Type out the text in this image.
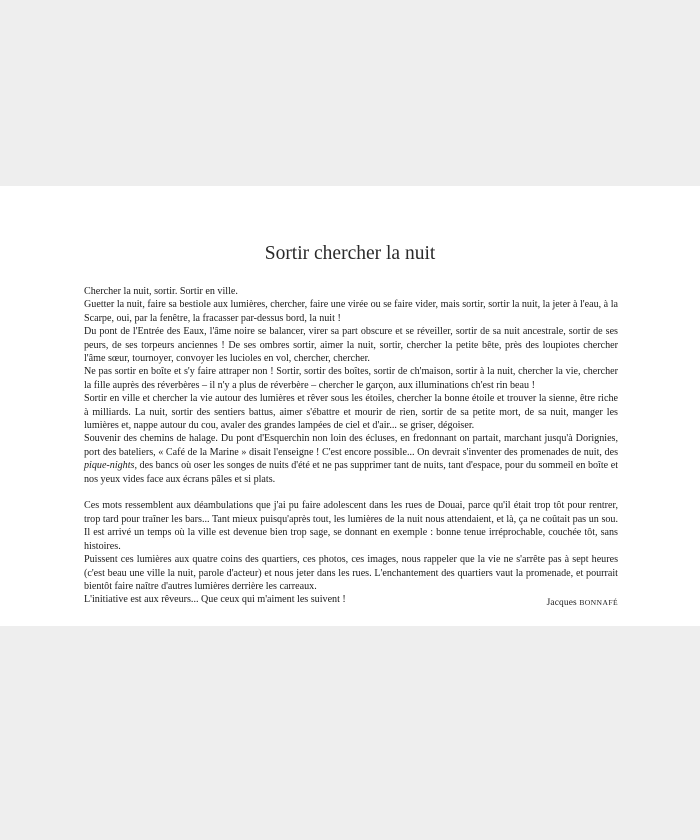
Sortir chercher la nuit

Chercher la nuit, sortir. Sortir en ville.

Guetter la nuit, faire sa bestiole aux lumières, chercher, faire une virée ou se faire vider, mais sortir, sortir la nuit, la jeter à l'eau, à la Scarpe, oui, par la fenêtre, la fracasser par-dessus bord, la nuit !

Du pont de l'Entrée des Eaux, l'âme noire se balancer, virer sa part obscure et se réveiller, sortir de sa nuit ancestrale, sortir de ses peurs, de ses torpeurs anciennes ! De ses ombres sortir, aimer la nuit, sortir, chercher la petite bête, près des loupiotes chercher l'âme sœur, tournoyer, convoyer les lucioles en vol, chercher, chercher.

Ne pas sortir en boîte et s'y faire attraper non ! Sortir, sortir des boîtes, sortir de ch'maison, sortir à la nuit, chercher la vie, chercher la fille auprès des réverbères – il n'y a plus de réverbère – chercher le garçon, aux illuminations ch'est rin beau !

Sortir en ville et chercher la vie autour des lumières et rêver sous les étoiles, chercher la bonne étoile et trouver la sienne, être riche à milliards. La nuit, sortir des sentiers battus, aimer s'ébattre et mourir de rien, sortir de sa petite mort, de sa nuit, manger les lumières et, nappe autour du cou, avaler des grandes lampées de ciel et d'air... se griser, dégoiser.

Souvenir des chemins de halage. Du pont d'Esquerchin non loin des écluses, en fredonnant on partait, marchant jusqu'à Dorignies, port des bateliers, « Café de la Marine » disait l'enseigne ! C'est encore possible... On devrait s'inventer des promenades de nuit, des pique-nights, des bancs où oser les songes de nuits d'été et ne pas supprimer tant de nuits, tant d'espace, pour du sommeil en boîte et nos yeux vides face aux écrans pâles et si plats.

Ces mots ressemblent aux déambulations que j'ai pu faire adolescent dans les rues de Douai, parce qu'il était trop tôt pour rentrer, trop tard pour traîner les bars... Tant mieux puisqu'après tout, les lumières de la nuit nous attendaient, et là, ça ne coûtait pas un sou. Il est arrivé un temps où la ville est devenue bien trop sage, se donnant en exemple : bonne tenue irréprochable, couchée tôt, sans histoires.

Puissent ces lumières aux quatre coins des quartiers, ces photos, ces images, nous rappeler que la vie ne s'arrête pas à sept heures (c'est beau une ville la nuit, parole d'acteur) et nous jeter dans les rues. L'enchantement des quartiers vaut la promenade, et pourrait bientôt faire naître d'autres lumières derrière les carreaux.

L'initiative est aux rêveurs... Que ceux qui m'aiment les suivent !	Jacques BONNAFÉ
